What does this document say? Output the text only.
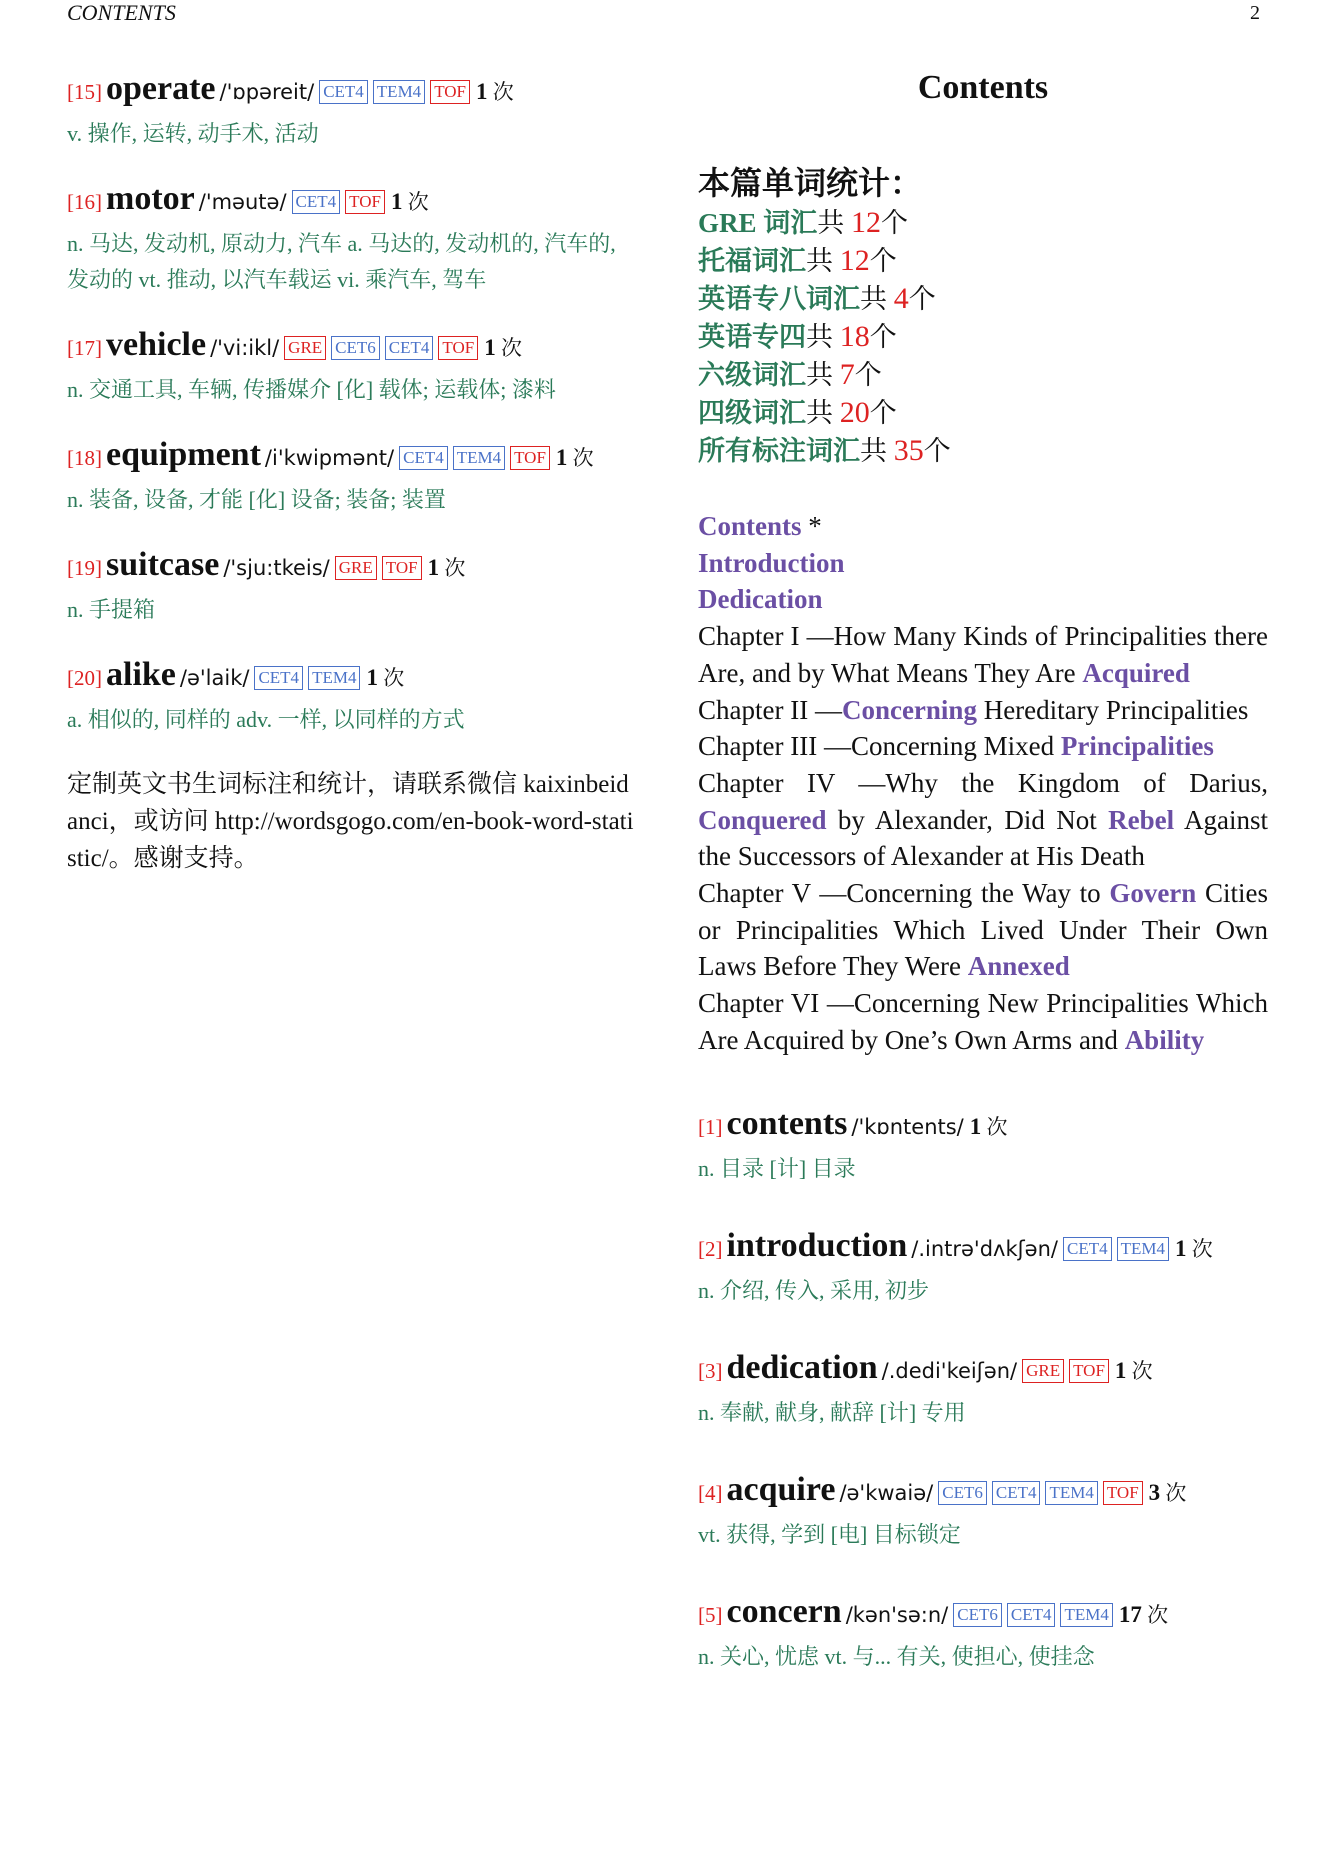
CONTENTS	2
[15] operate /'ɒpəreit/ CET4 TEM4 TOF 1 次
v. 操作, 运转, 动手术, 活动
[16] motor /'məutə/ CET4 TOF 1 次
n. 马达, 发动机, 原动力, 汽车 a. 马达的, 发动机的, 汽车的, 发动的 vt. 推动, 以汽车载运 vi. 乘汽车, 驾车
[17] vehicle /'vi:ikl/ GRE CET6 CET4 TOF 1 次
n. 交通工具, 车辆, 传播媒介 [化] 载体; 运载体; 漆料
[18] equipment /i'kwipmənt/ CET4 TEM4 TOF 1 次
n. 装备, 设备, 才能 [化] 设备; 装备; 装置
[19] suitcase /'sju:tkeis/ GRE TOF 1 次
n. 手提箱
[20] alike /ə'laik/ CET4 TEM4 1 次
a. 相似的, 同样的 adv. 一样, 以同样的方式
定制英文书生词标注和统计，请联系微信 kaixinbeidanci，或访问 http://wordsgogo.com/en-book-word-statistic/。感谢支持。
Contents
本篇单词统计：
GRE 词汇共 12个
托福词汇共 12个
英语专八词汇共 4个
英语专四共 18个
六级词汇共 7个
四级词汇共 20个
所有标注词汇共 35个

Contents *

Introduction

Dedication

Chapter I —How Many Kinds of Principalities there Are, and by What Means They Are Acquired

Chapter II —Concerning Hereditary Principalities

Chapter III —Concerning Mixed Principalities

Chapter IV —Why the Kingdom of Darius, Conquered by Alexander, Did Not Rebel Against the Successors of Alexander at His Death

Chapter V —Concerning the Way to Govern Cities or Principalities Which Lived Under Their Own Laws Before They Were Annexed

Chapter VI —Concerning New Principalities Which Are Acquired by One’s Own Arms and Ability

[1] contents /'kɒntents/ 1 次
n. 目录 [计] 目录
[2] introduction /.intrə'dʌkʃən/ CET4 TEM4 1 次
n. 介绍, 传入, 采用, 初步
[3] dedication /.dedi'keiʃən/ GRE TOF 1 次
n. 奉献, 献身, 献辞 [计] 专用
[4] acquire /ə'kwaiə/ CET6 CET4 TEM4 TOF 3 次
vt. 获得, 学到 [电] 目标锁定
[5] concern /kən'sə:n/ CET6 CET4 TEM4 17 次
n. 关心, 忧虑 vt. 与... 有关, 使担心, 使挂念
